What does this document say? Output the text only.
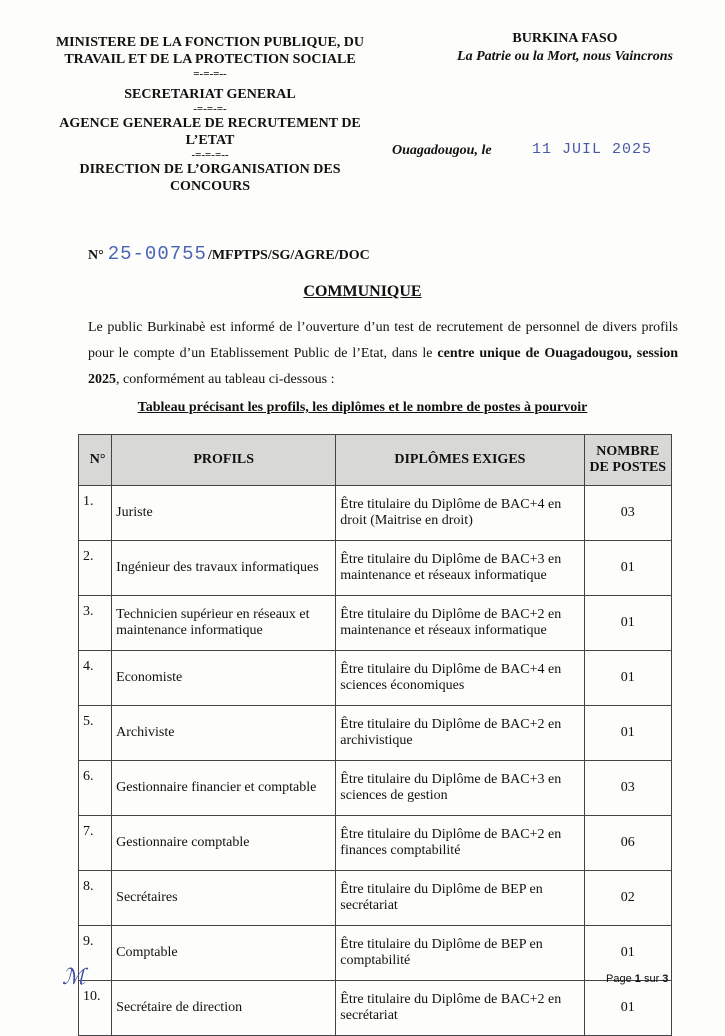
MINISTERE DE LA FONCTION PUBLIQUE, DU TRAVAIL ET DE LA PROTECTION SOCIALE
=-=-=--
SECRETARIAT GENERAL
-=-=-=-
AGENCE GENERALE DE RECRUTEMENT DE L’ETAT
-=-=-=--
DIRECTION DE L’ORGANISATION DES CONCOURS
BURKINA FASO
La Patrie ou la Mort, nous Vaincrons
Ouagadougou, le	11 JUIL 2025
N° 25-00755 /MFPTPS/SG/AGRE/DOC
COMMUNIQUE
Le public Burkinabè est informé de l’ouverture d’un test de recrutement de personnel de divers profils pour le compte d’un Etablissement Public de l’Etat, dans le centre unique de Ouagadougou, session 2025, conformément au tableau ci-dessous :
Tableau précisant les profils, les diplômes et le nombre de postes à pourvoir
N°	PROFILS	DIPLÔMES EXIGES	NOMBRE DE POSTES
1.	Juriste	Être titulaire du Diplôme de BAC+4 en droit (Maitrise en droit)	03
2.	Ingénieur des travaux informatiques	Être titulaire du Diplôme de BAC+3 en maintenance et réseaux informatique	01
3.	Technicien supérieur en réseaux et maintenance informatique	Être titulaire du Diplôme de BAC+2 en maintenance et réseaux informatique	01
4.	Economiste	Être titulaire du Diplôme de BAC+4 en sciences économiques	01
5.	Archiviste	Être titulaire du Diplôme de BAC+2 en archivistique	01
6.	Gestionnaire financier et comptable	Être titulaire du Diplôme de BAC+3 en sciences de gestion	03
7.	Gestionnaire comptable	Être titulaire du Diplôme de BAC+2 en finances comptabilité	06
8.	Secrétaires	Être titulaire du Diplôme de BEP en secrétariat	02
9.	Comptable	Être titulaire du Diplôme de BEP en comptabilité	01
10.	Secrétaire de direction	Être titulaire du Diplôme de BAC+2 en secrétariat	01
ℳ	Page 1 sur 3
